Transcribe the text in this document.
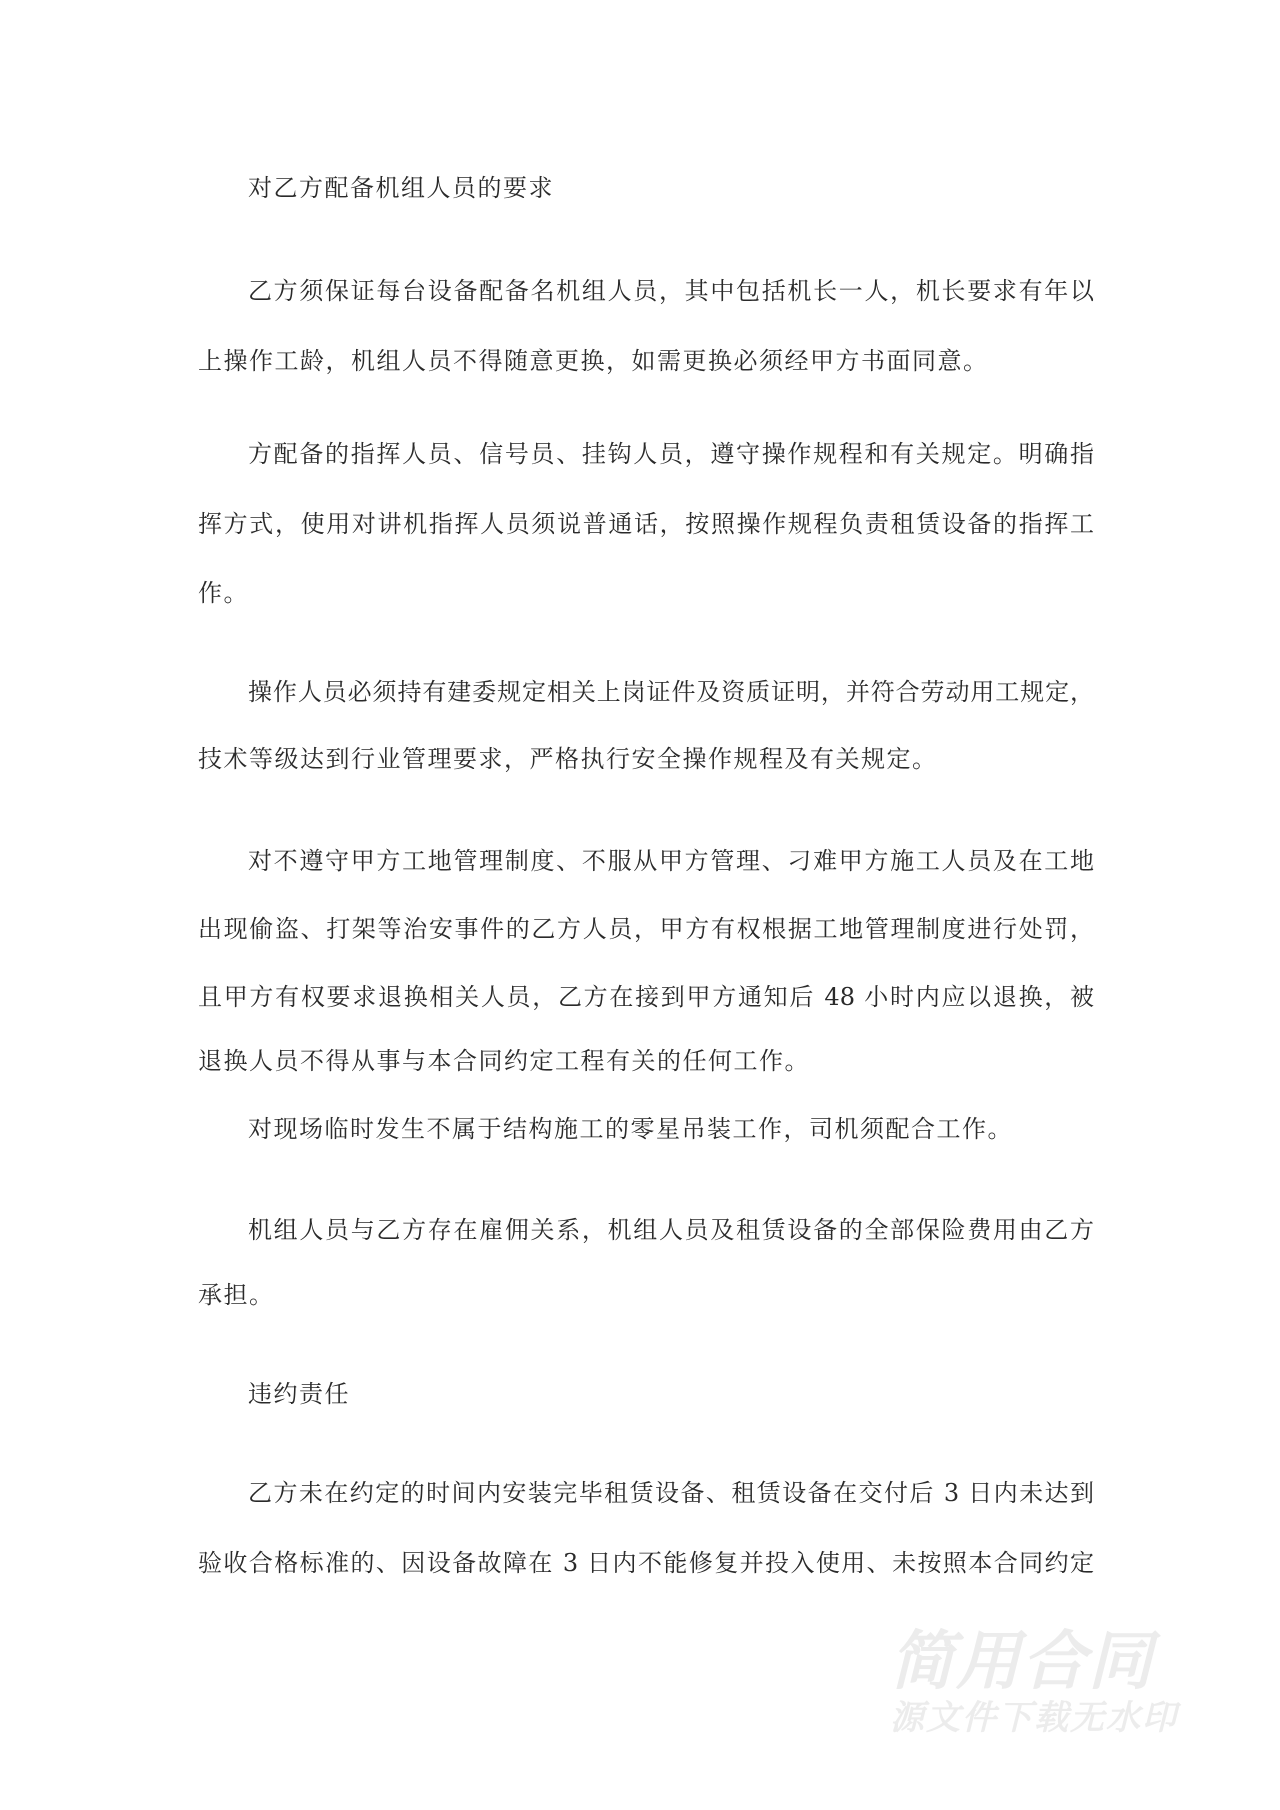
对乙方配备机组人员的要求
乙方须保证每台设备配备名机组人员，其中包括机长一人，机长要求有年以
上操作工龄，机组人员不得随意更换，如需更换必须经甲方书面同意。
方配备的指挥人员、信号员、挂钩人员，遵守操作规程和有关规定。明确指
挥方式，使用对讲机指挥人员须说普通话，按照操作规程负责租赁设备的指挥工
作。
操作人员必须持有建委规定相关上岗证件及资质证明，并符合劳动用工规定，
技术等级达到行业管理要求，严格执行安全操作规程及有关规定。
对不遵守甲方工地管理制度、不服从甲方管理、刁难甲方施工人员及在工地
出现偷盗、打架等治安事件的乙方人员，甲方有权根据工地管理制度进行处罚，
且甲方有权要求退换相关人员，乙方在接到甲方通知后 48 小时内应以退换，被
退换人员不得从事与本合同约定工程有关的任何工作。
对现场临时发生不属于结构施工的零星吊装工作，司机须配合工作。
机组人员与乙方存在雇佣关系，机组人员及租赁设备的全部保险费用由乙方
承担。
违约责任
乙方未在约定的时间内安装完毕租赁设备、租赁设备在交付后 3 日内未达到
验收合格标准的、因设备故障在 3 日内不能修复并投入使用、未按照本合同约定
简用合同
源文件下载无水印
